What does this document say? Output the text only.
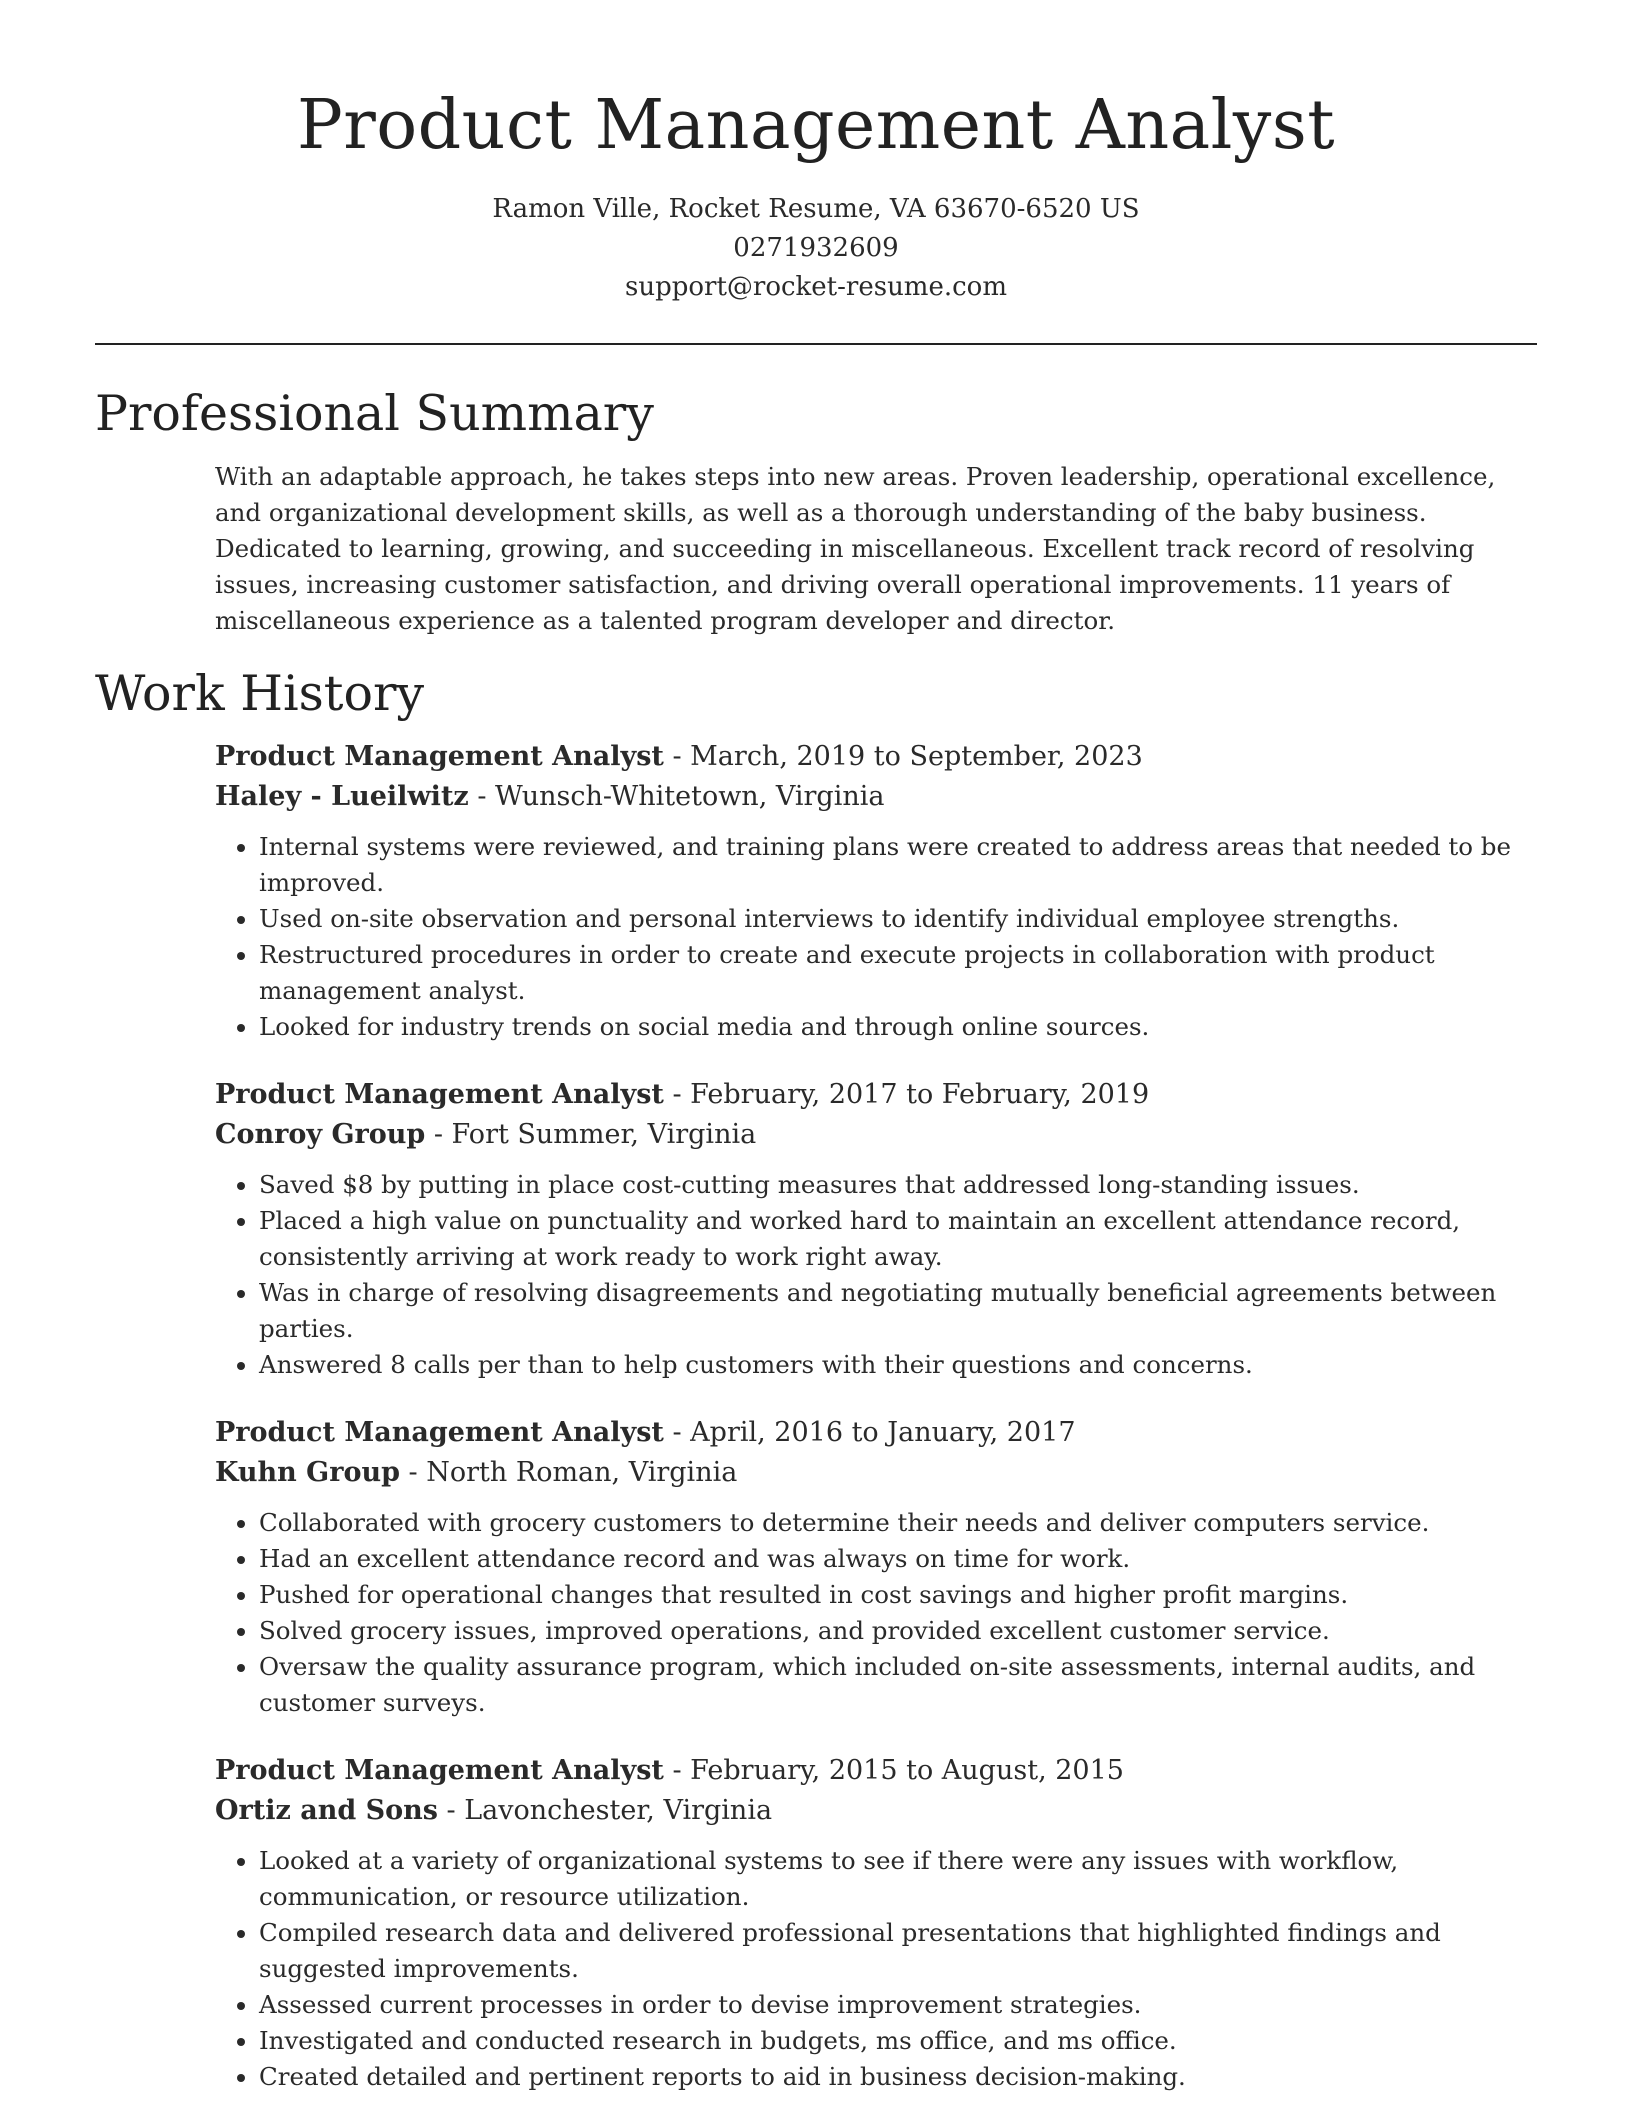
Product Management Analyst
Ramon Ville, Rocket Resume, VA 63670-6520 US
0271932609
support@rocket-resume.com
Professional Summary
With an adaptable approach, he takes steps into new areas. Proven leadership, operational excellence, and organizational development skills, as well as a thorough understanding of the baby business. Dedicated to learning, growing, and succeeding in miscellaneous. Excellent track record of resolving issues, increasing customer satisfaction, and driving overall operational improvements. 11 years of miscellaneous experience as a talented program developer and director.
Work History
Product Management Analyst - March, 2019 to September, 2023
Haley - Lueilwitz - Wunsch-Whitetown, Virginia
• Internal systems were reviewed, and training plans were created to address areas that needed to be improved.
• Used on-site observation and personal interviews to identify individual employee strengths.
• Restructured procedures in order to create and execute projects in collaboration with product management analyst.
• Looked for industry trends on social media and through online sources.
Product Management Analyst - February, 2017 to February, 2019
Conroy Group - Fort Summer, Virginia
• Saved $8 by putting in place cost-cutting measures that addressed long-standing issues.
• Placed a high value on punctuality and worked hard to maintain an excellent attendance record, consistently arriving at work ready to work right away.
• Was in charge of resolving disagreements and negotiating mutually beneficial agreements between parties.
• Answered 8 calls per than to help customers with their questions and concerns.
Product Management Analyst - April, 2016 to January, 2017
Kuhn Group - North Roman, Virginia
• Collaborated with grocery customers to determine their needs and deliver computers service.
• Had an excellent attendance record and was always on time for work.
• Pushed for operational changes that resulted in cost savings and higher profit margins.
• Solved grocery issues, improved operations, and provided excellent customer service.
• Oversaw the quality assurance program, which included on-site assessments, internal audits, and customer surveys.
Product Management Analyst - February, 2015 to August, 2015
Ortiz and Sons - Lavonchester, Virginia
• Looked at a variety of organizational systems to see if there were any issues with workflow, communication, or resource utilization.
• Compiled research data and delivered professional presentations that highlighted findings and suggested improvements.
• Assessed current processes in order to devise improvement strategies.
• Investigated and conducted research in budgets, ms office, and ms office.
• Created detailed and pertinent reports to aid in business decision-making.
